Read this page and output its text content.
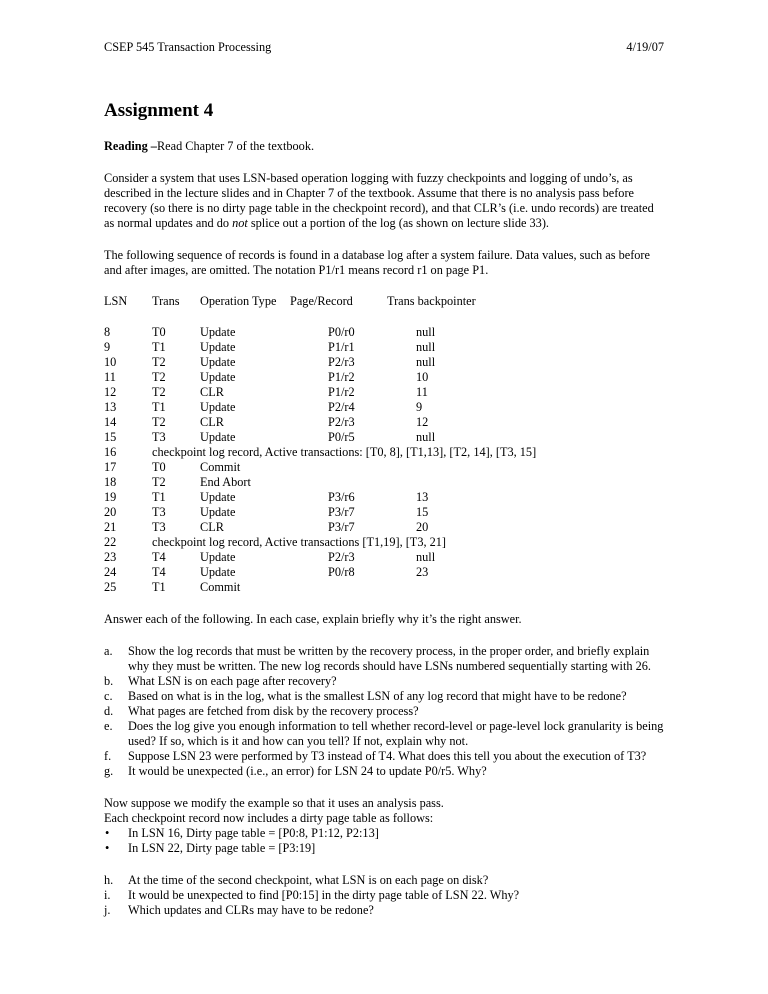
CSEP 545 Transaction Processing	4/19/07
Assignment 4

Reading –Read Chapter 7 of the textbook.

Consider a system that uses LSN-based operation logging with fuzzy checkpoints and logging of undo’s, as described in the lecture slides and in Chapter 7 of the textbook. Assume that there is no analysis pass before recovery (so there is no dirty page table in the checkpoint record), and that CLR’s (i.e. undo records) are treated as normal updates and do not splice out a portion of the log (as shown on lecture slide 33).

The following sequence of records is found in a database log after a system failure. Data values, such as before and after images, are omitted. The notation P1/r1 means record r1 on page P1.

LSN Trans Operation Type Page/Record	Trans backpointer
8	T0	Update	P0/r0	null
9	T1	Update	P1/r1	null
10	T2	Update	P2/r3	null
11	T2	Update	P1/r2	10
12	T2	CLR	P1/r2	11
13	T1	Update	P2/r4	9
14	T2	CLR	P2/r3	12
15	T3	Update	P0/r5	null
16	checkpoint log record, Active transactions: [T0, 8], [T1,13], [T2, 14], [T3, 15]
17	T0	Commit
18	T2	End Abort
19	T1	Update	P3/r6	13
20	T3	Update	P3/r7	15
21	T3	CLR	P3/r7	20
22	checkpoint log record, Active transactions [T1,19], [T3, 21]
23	T4	Update	P2/r3	null
24	T4	Update	P0/r8	23
25	T1	Commit

Answer each of the following. In each case, explain briefly why it’s the right answer.

a. Show the log records that must be written by the recovery process, in the proper order, and briefly explain why they must be written. The new log records should have LSNs numbered sequentially starting with 26.
b. What LSN is on each page after recovery?
c. Based on what is in the log, what is the smallest LSN of any log record that might have to be redone?
d. What pages are fetched from disk by the recovery process?
e. Does the log give you enough information to tell whether record-level or page-level lock granularity is being used? If so, which is it and how can you tell? If not, explain why not.
f. Suppose LSN 23 were performed by T3 instead of T4. What does this tell you about the execution of T3?
g. It would be unexpected (i.e., an error) for LSN 24 to update P0/r5. Why?

Now suppose we modify the example so that it uses an analysis pass.

Each checkpoint record now includes a dirty page table as follows:

• In LSN 16, Dirty page table = [P0:8, P1:12, P2:13]
• In LSN 22, Dirty page table = [P3:19]
h. At the time of the second checkpoint, what LSN is on each page on disk?
i. It would be unexpected to find [P0:15] in the dirty page table of LSN 22. Why?
j. Which updates and CLRs may have to be redone?
